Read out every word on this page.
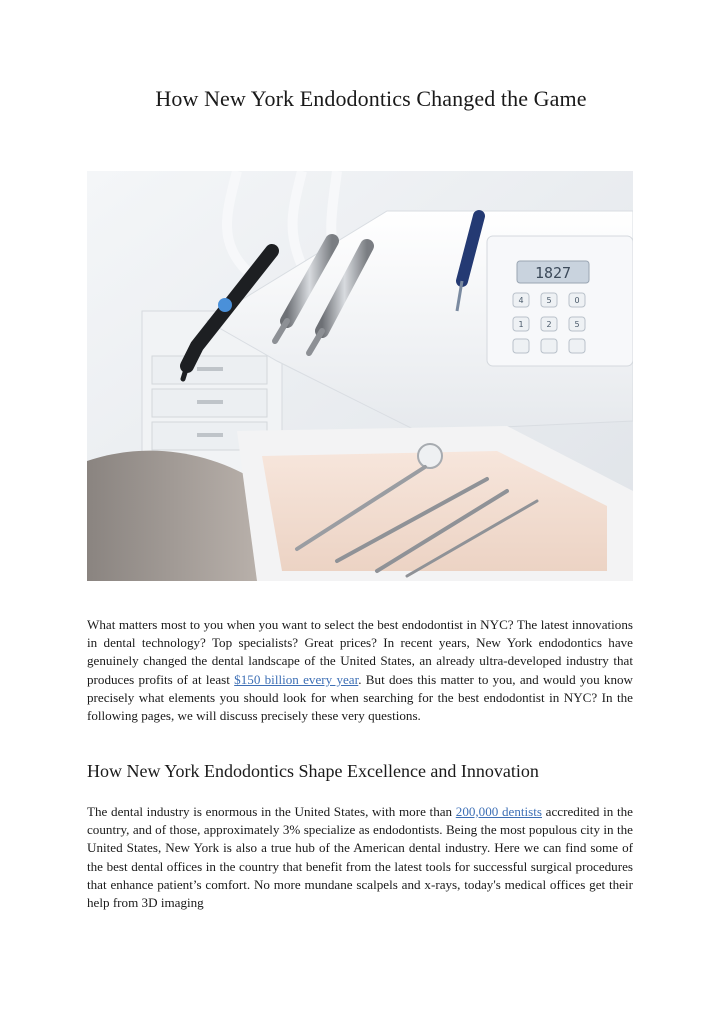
How New York Endodontics Changed the Game
1827
4	5	0
1	2	5

What matters most to you when you want to select the best endodontist in NYC? The latest innovations in dental technology? Top specialists? Great prices? In recent years, New York endodontics have genuinely changed the dental landscape of the United States, an already ultra-developed industry that produces profits of at least $150 billion every year. But does this matter to you, and would you know precisely what elements you should look for when searching for the best endodontist in NYC? In the following pages, we will discuss precisely these very questions.

How New York Endodontics Shape Excellence and Innovation

The dental industry is enormous in the United States, with more than 200,000 dentists accredited in the country, and of those, approximately 3% specialize as endodontists. Being the most populous city in the United States, New York is also a true hub of the American dental industry. Here we can find some of the best dental offices in the country that benefit from the latest tools for successful surgical procedures that enhance patient’s comfort. No more mundane scalpels and x-rays, today's medical offices get their help from 3D imaging
